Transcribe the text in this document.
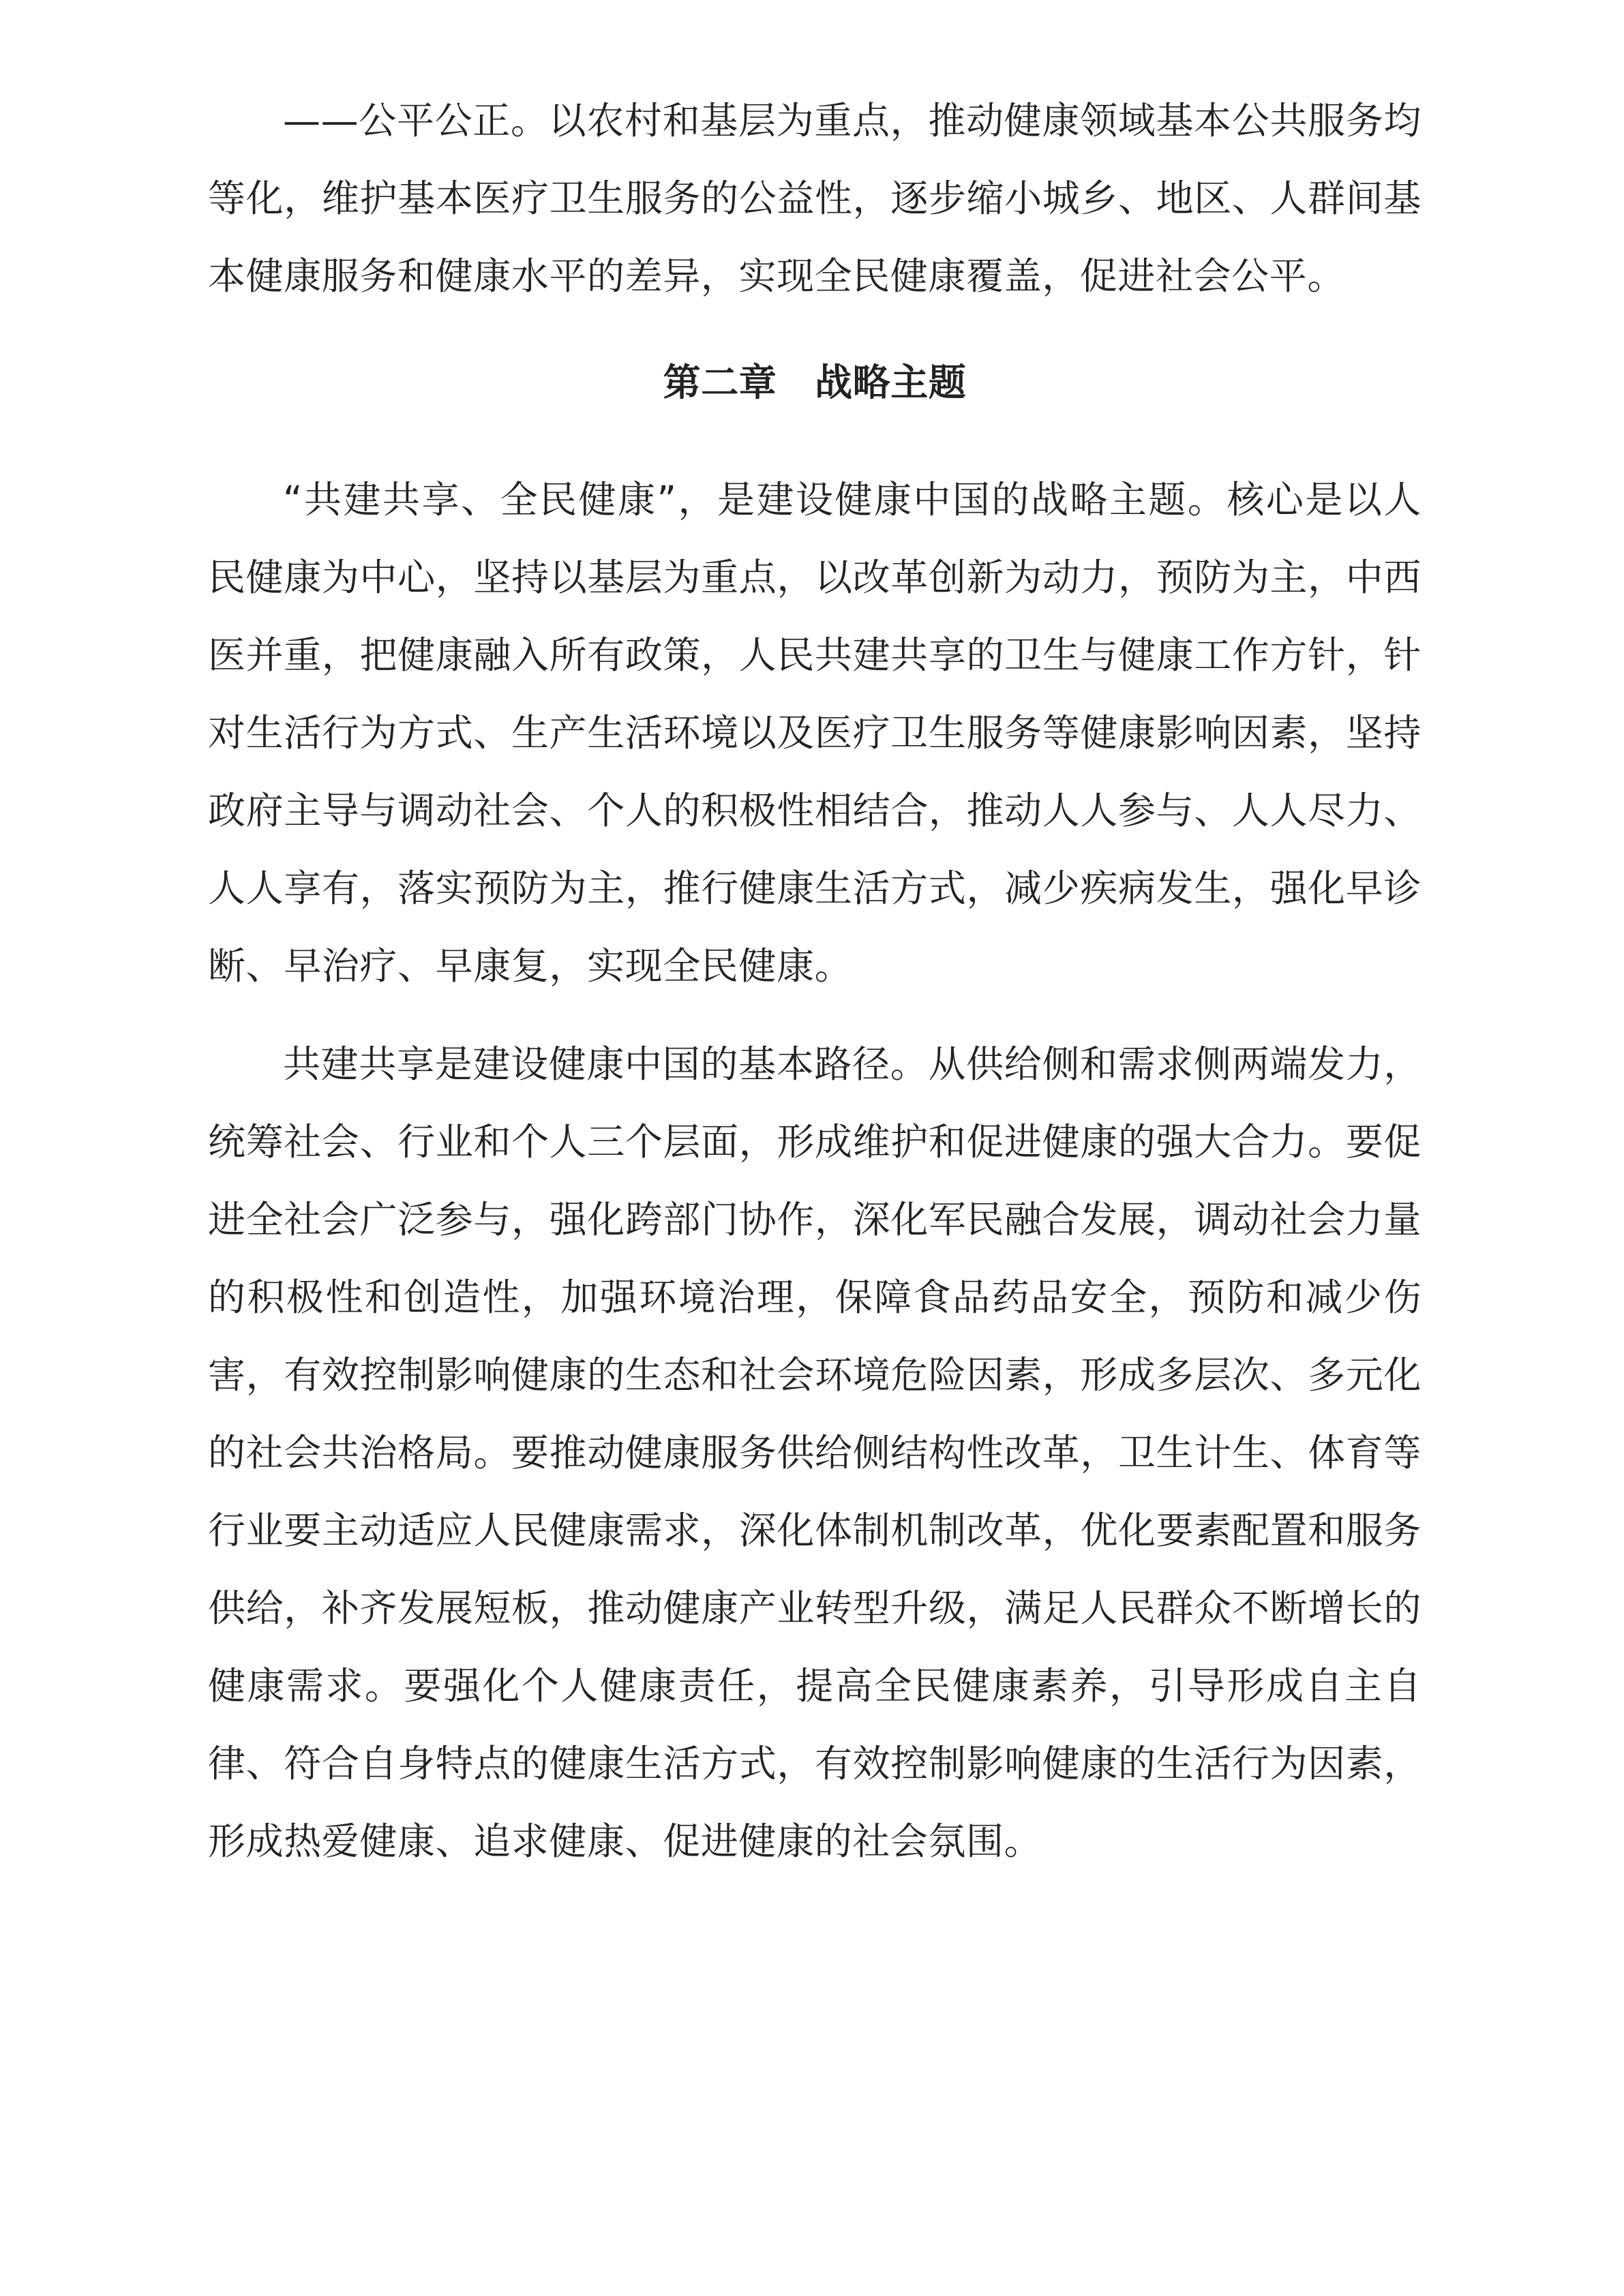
——公平公正。以农村和基层为重点，推动健康领域基本公共服务均等化，维护基本医疗卫生服务的公益性，逐步缩小城乡、地区、人群间基本健康服务和健康水平的差异，实现全民健康覆盖，促进社会公平。

第二章　战略主题

“共建共享、全民健康”，是建设健康中国的战略主题。核心是以人民健康为中心，坚持以基层为重点，以改革创新为动力，预防为主，中西医并重，把健康融入所有政策，人民共建共享的卫生与健康工作方针，针对生活行为方式、生产生活环境以及医疗卫生服务等健康影响因素，坚持政府主导与调动社会、个人的积极性相结合，推动人人参与、人人尽力、人人享有，落实预防为主，推行健康生活方式，减少疾病发生，强化早诊断、早治疗、早康复，实现全民健康。

共建共享是建设健康中国的基本路径。从供给侧和需求侧两端发力，统筹社会、行业和个人三个层面，形成维护和促进健康的强大合力。要促进全社会广泛参与，强化跨部门协作，深化军民融合发展，调动社会力量的积极性和创造性，加强环境治理，保障食品药品安全，预防和减少伤害，有效控制影响健康的生态和社会环境危险因素，形成多层次、多元化的社会共治格局。要推动健康服务供给侧结构性改革，卫生计生、体育等行业要主动适应人民健康需求，深化体制机制改革，优化要素配置和服务供给，补齐发展短板，推动健康产业转型升级，满足人民群众不断增长的健康需求。要强化个人健康责任，提高全民健康素养，引导形成自主自律、符合自身特点的健康生活方式，有效控制影响健康的生活行为因素，形成热爱健康、追求健康、促进健康的社会氛围。
